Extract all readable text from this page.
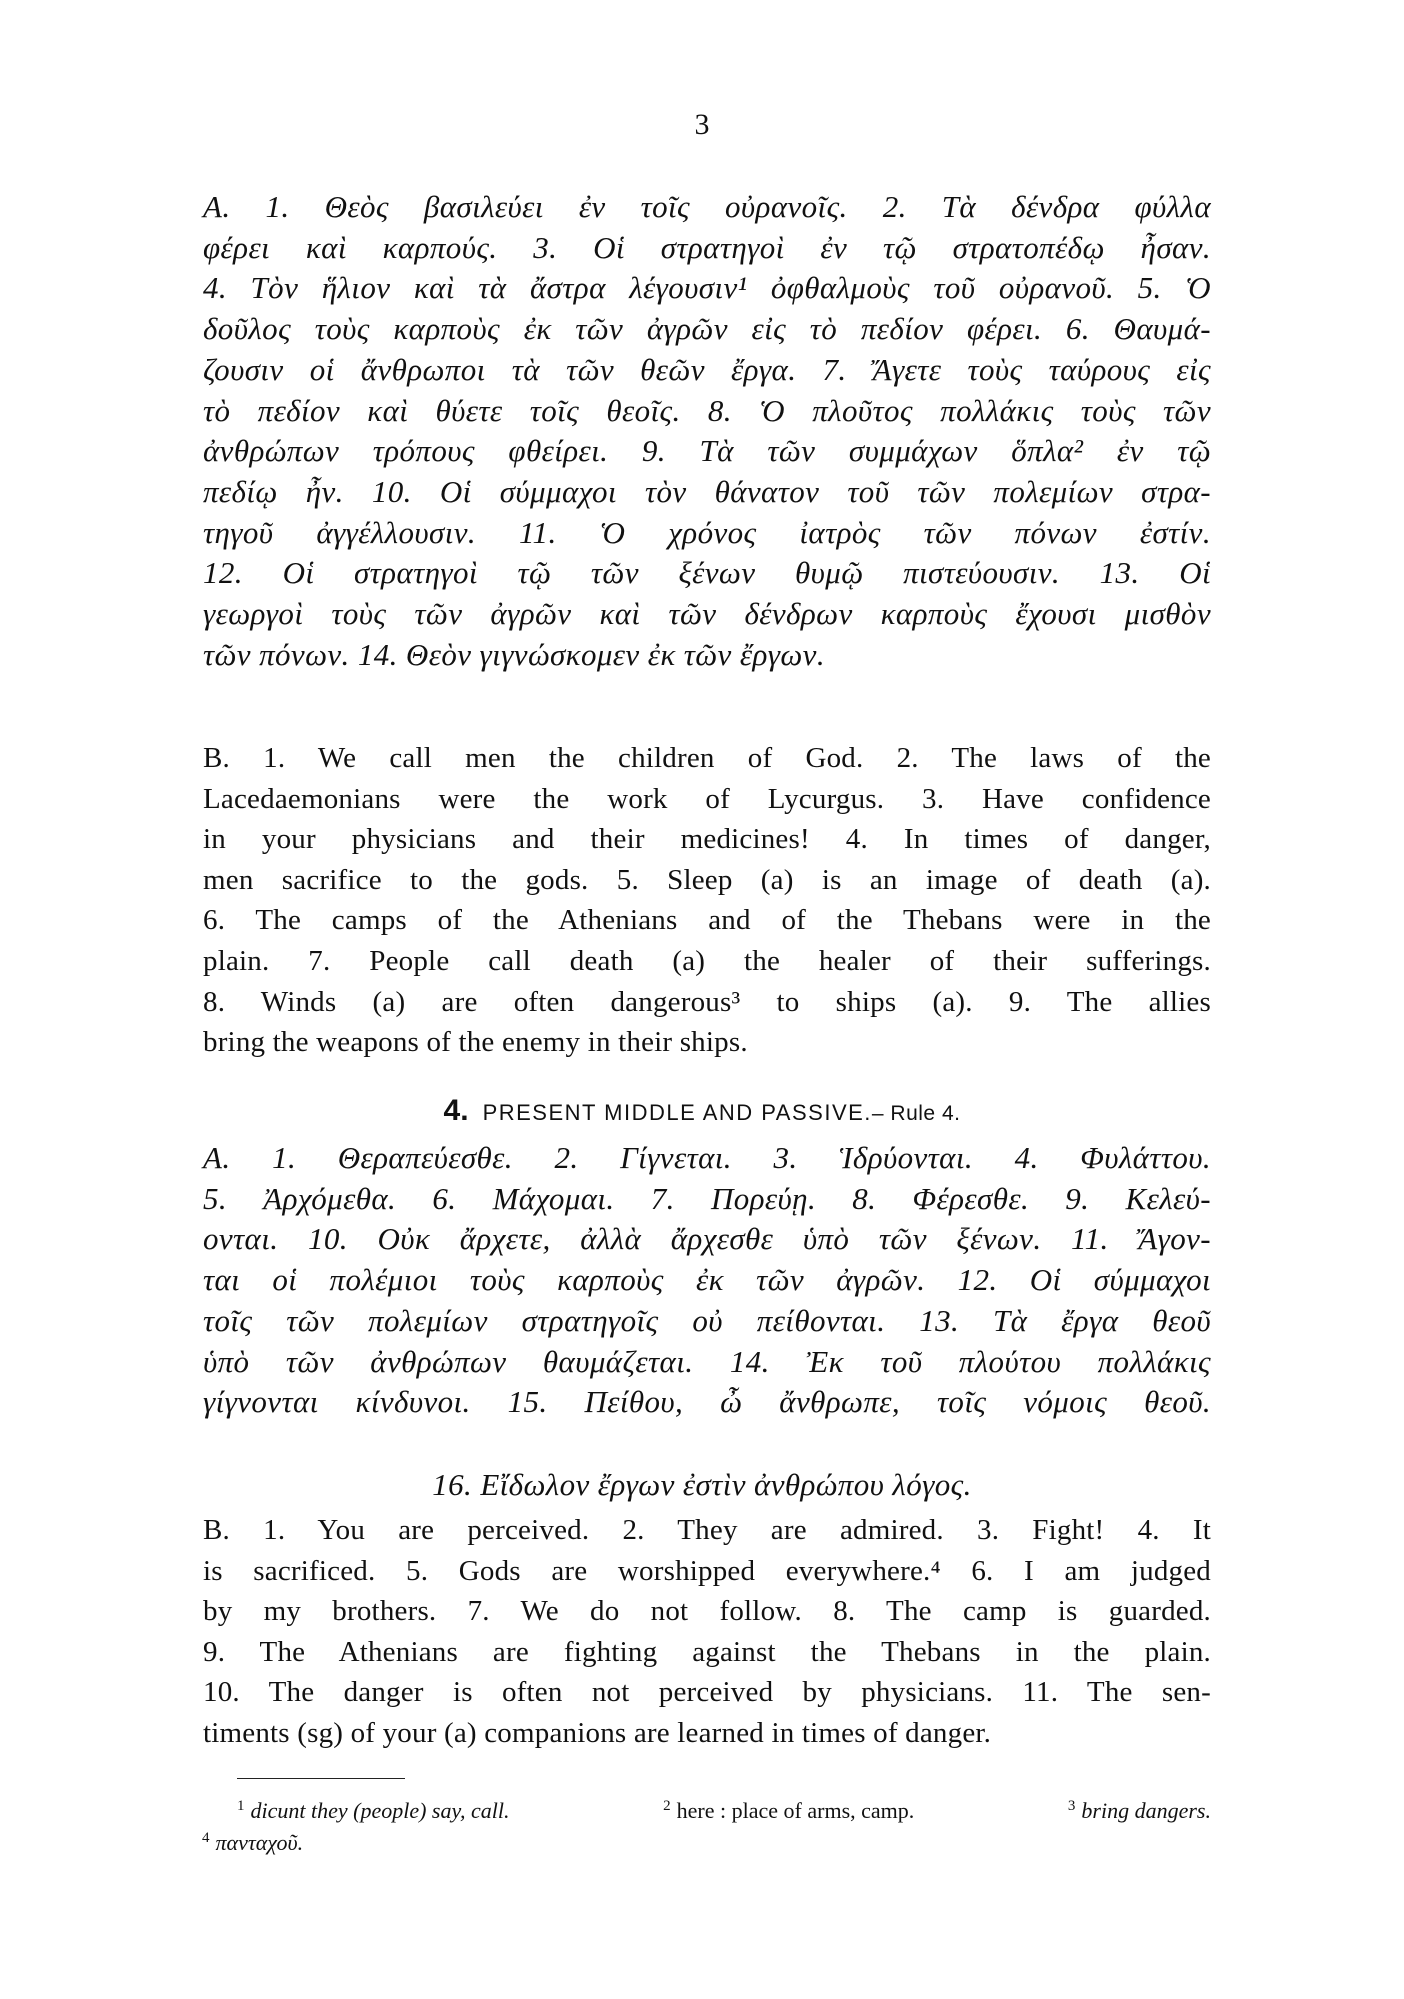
3

Α. 1. Θεὸς βασιλεύει ἐν τοῖς οὐρανοῖς. 2. Τὰ δένδρα φύλλα

φέρει καὶ καρπούς. 3. Οἱ στρατηγοὶ ἐν τῷ στρατοπέδῳ ἦσαν.

4. Τὸν ἥλιον καὶ τὰ ἄστρα λέγουσιν¹ ὀφθαλμοὺς τοῦ οὐρανοῦ. 5. Ὁ

δοῦλος τοὺς καρποὺς ἐκ τῶν ἀγρῶν εἰς τὸ πεδίον φέρει. 6. Θαυμά-

ζουσιν οἱ ἄνθρωποι τὰ τῶν θεῶν ἔργα. 7. Ἄγετε τοὺς ταύρους εἰς

τὸ πεδίον καὶ θύετε τοῖς θεοῖς. 8. Ὁ πλοῦτος πολλάκις τοὺς τῶν

ἀνθρώπων τρόπους φθείρει. 9. Τὰ τῶν συμμάχων ὅπλα² ἐν τῷ

πεδίῳ ἦν. 10. Οἱ σύμμαχοι τὸν θάνατον τοῦ τῶν πολεμίων στρα-

τηγοῦ ἀγγέλλουσιν. 11. Ὁ χρόνος ἰατρὸς τῶν πόνων ἐστίν.

12. Οἱ στρατηγοὶ τῷ τῶν ξένων θυμῷ πιστεύουσιν. 13. Οἱ

γεωργοὶ τοὺς τῶν ἀγρῶν καὶ τῶν δένδρων καρποὺς ἔχουσι μισθὸν

τῶν πόνων. 14. Θεὸν γιγνώσκομεν ἐκ τῶν ἔργων.

B. 1. We call men the children of God. 2. The laws of the

Lacedaemonians were the work of Lycurgus. 3. Have confidence

in your physicians and their medicines! 4. In times of danger,

men sacrifice to the gods. 5. Sleep (a) is an image of death (a).

6. The camps of the Athenians and of the Thebans were in the

plain. 7. People call death (a) the healer of their sufferings.

8. Winds (a) are often dangerous³ to ships (a). 9. The allies

bring the weapons of the enemy in their ships.

4. PRESENT MIDDLE AND PASSIVE.– Rule 4.

Α. 1. Θεραπεύεσθε. 2. Γίγνεται. 3. Ἱδρύονται. 4. Φυλάττου.

5. Ἀρχόμεθα. 6. Μάχομαι. 7. Πορεύῃ. 8. Φέρεσθε. 9. Κελεύ-

ονται. 10. Οὐκ ἄρχετε, ἀλλὰ ἄρχεσθε ὑπὸ τῶν ξένων. 11. Ἄγον-

ται οἱ πολέμιοι τοὺς καρποὺς ἐκ τῶν ἀγρῶν. 12. Οἱ σύμμαχοι

τοῖς τῶν πολεμίων στρατηγοῖς οὐ πείθονται. 13. Τὰ ἔργα θεοῦ

ὑπὸ τῶν ἀνθρώπων θαυμάζεται. 14. Ἐκ τοῦ πλούτου πολλάκις

γίγνονται κίνδυνοι. 15. Πείθου, ὦ ἄνθρωπε, τοῖς νόμοις θεοῦ.

16. Εἴδωλον ἔργων ἐστὶν ἀνθρώπου λόγος.

B. 1. You are perceived. 2. They are admired. 3. Fight! 4. It

is sacrificed. 5. Gods are worshipped everywhere.⁴ 6. I am judged

by my brothers. 7. We do not follow. 8. The camp is guarded.

9. The Athenians are fighting against the Thebans in the plain.

10. The danger is often not perceived by physicians. 11. The sen-

timents (sg) of your (a) companions are learned in times of danger.

$^1$ dicunt they (people) say, call.	$^2$ here : place of arms, camp.	$^3$ bring dangers.
$^4$ πανταχοῦ.
